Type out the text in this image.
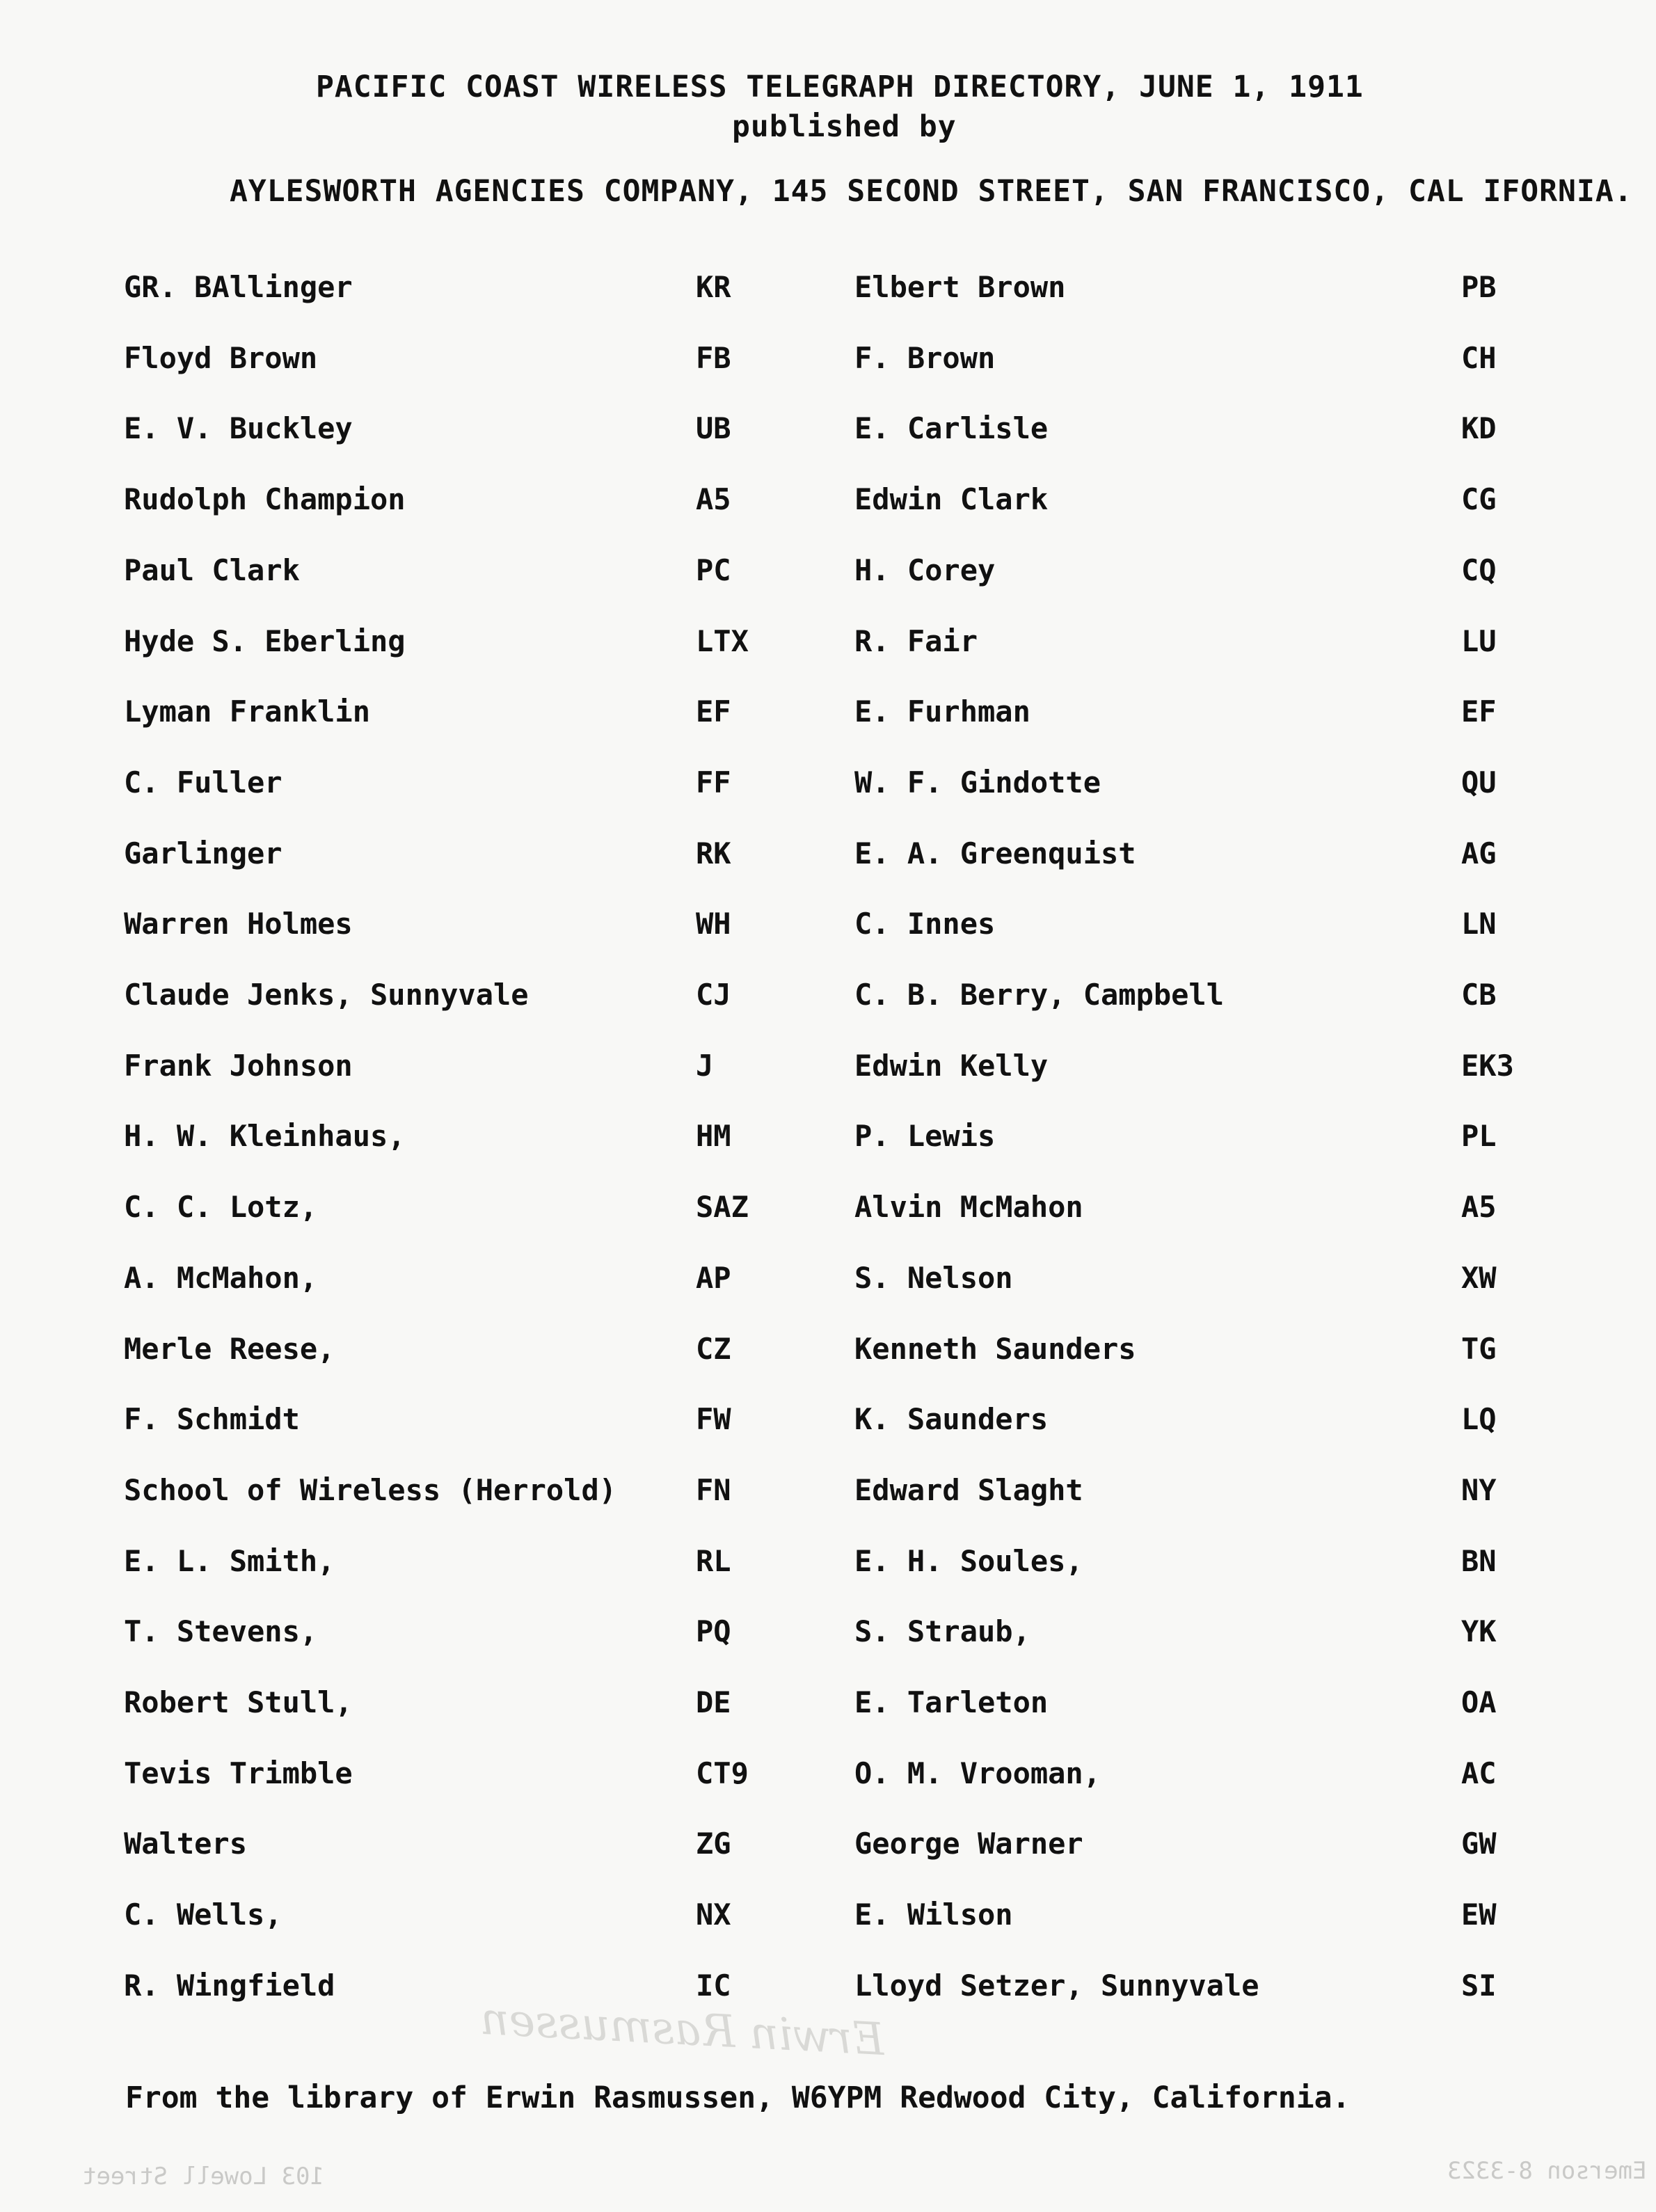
PACIFIC COAST WIRELESS TELEGRAPH DIRECTORY, JUNE 1, 1911
published by
AYLESWORTH AGENCIES COMPANY, 145 SECOND STREET, SAN FRANCISCO, CAL IFORNIA.
GR. BAllinger	KR	Elbert Brown	PB
Floyd Brown	FB	F. Brown	CH
E. V. Buckley	UB	E. Carlisle	KD
Rudolph Champion	A5	Edwin Clark	CG
Paul Clark	PC	H. Corey	CQ
Hyde S. Eberling	LTX	R. Fair	LU
Lyman Franklin	EF	E. Furhman	EF
C. Fuller	FF	W. F. Gindotte	QU
Garlinger	RK	E. A. Greenquist	AG
Warren Holmes	WH	C. Innes	LN
Claude Jenks, Sunnyvale	CJ	C. B. Berry, Campbell	CB
Frank Johnson	J	Edwin Kelly	EK3
H. W. Kleinhaus,	HM	P. Lewis	PL
C. C. Lotz,	SAZ	Alvin McMahon	A5
A. McMahon,	AP	S. Nelson	XW
Merle Reese,	CZ	Kenneth Saunders	TG
F. Schmidt	FW	K. Saunders	LQ
School of Wireless (Herrold)	FN	Edward Slaght	NY
E. L. Smith,	RL	E. H. Soules,	BN
T. Stevens,	PQ	S. Straub,	YK
Robert Stull,	DE	E. Tarleton	OA
Tevis Trimble	CT9	O. M. Vrooman,	AC
Walters	ZG	George Warner	GW
C. Wells,	NX	E. Wilson	EW
R. Wingfield	IC	Lloyd Setzer, Sunnyvale	SI
From the library of Erwin Rasmussen, W6YPM Redwood City, California.
Erwin Rasmussen
103 Lowell Street	Emerson 8-3323
